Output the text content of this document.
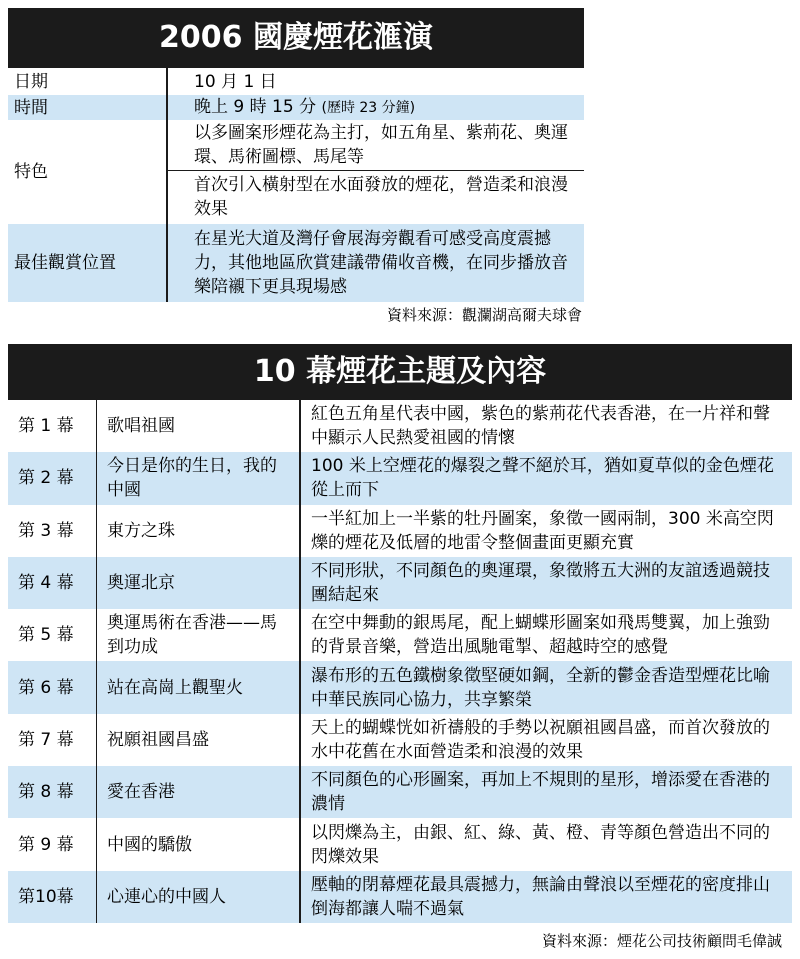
2006 國慶煙花滙演
日期	10 月 1 日
時間	晚上 9 時 15 分 (歷時 23 分鐘)
特色	以多圖案形煙花為主打，如五角星、紫荊花、奧運環、馬術圖標、馬尾等
	首次引入橫射型在水面發放的煙花，營造柔和浪漫效果
最佳觀賞位置	在星光大道及灣仔會展海旁觀看可感受高度震撼力，其他地區欣賞建議帶備收音機，在同步播放音樂陪襯下更具現場感
資料來源：觀瀾湖高爾夫球會
10 幕煙花主題及內容
第 1 幕	歌唱祖國	紅色五角星代表中國，紫色的紫荊花代表香港，在一片祥和聲中顯示人民熱愛祖國的情懷
第 2 幕	今日是你的生日，我的中國	100 米上空煙花的爆裂之聲不絕於耳，猶如夏草似的金色煙花從上而下
第 3 幕	東方之珠	一半紅加上一半紫的牡丹圖案，象徵一國兩制，300 米高空閃爍的煙花及低層的地雷令整個畫面更顯充實
第 4 幕	奧運北京	不同形狀，不同顏色的奧運環，象徵將五大洲的友誼透過競技團結起來
第 5 幕	奧運馬術在香港——馬到功成	在空中舞動的銀馬尾，配上蝴蝶形圖案如飛馬雙翼，加上強勁的背景音樂，營造出風馳電掣、超越時空的感覺
第 6 幕	站在高崗上觀聖火	瀑布形的五色鐵樹象徵堅硬如鋼，全新的鬱金香造型煙花比喻中華民族同心協力，共享繁榮
第 7 幕	祝願祖國昌盛	天上的蝴蝶恍如祈禱般的手勢以祝願祖國昌盛，而首次發放的水中花舊在水面營造柔和浪漫的效果
第 8 幕	愛在香港	不同顏色的心形圖案，再加上不規則的星形，增添愛在香港的濃情
第 9 幕	中國的驕傲	以閃爍為主，由銀、紅、綠、黃、橙、青等顏色營造出不同的閃爍效果
第10幕	心連心的中國人	壓軸的閉幕煙花最具震撼力，無論由聲浪以至煙花的密度排山倒海都讓人喘不過氣
資料來源：煙花公司技術顧問毛偉誠
